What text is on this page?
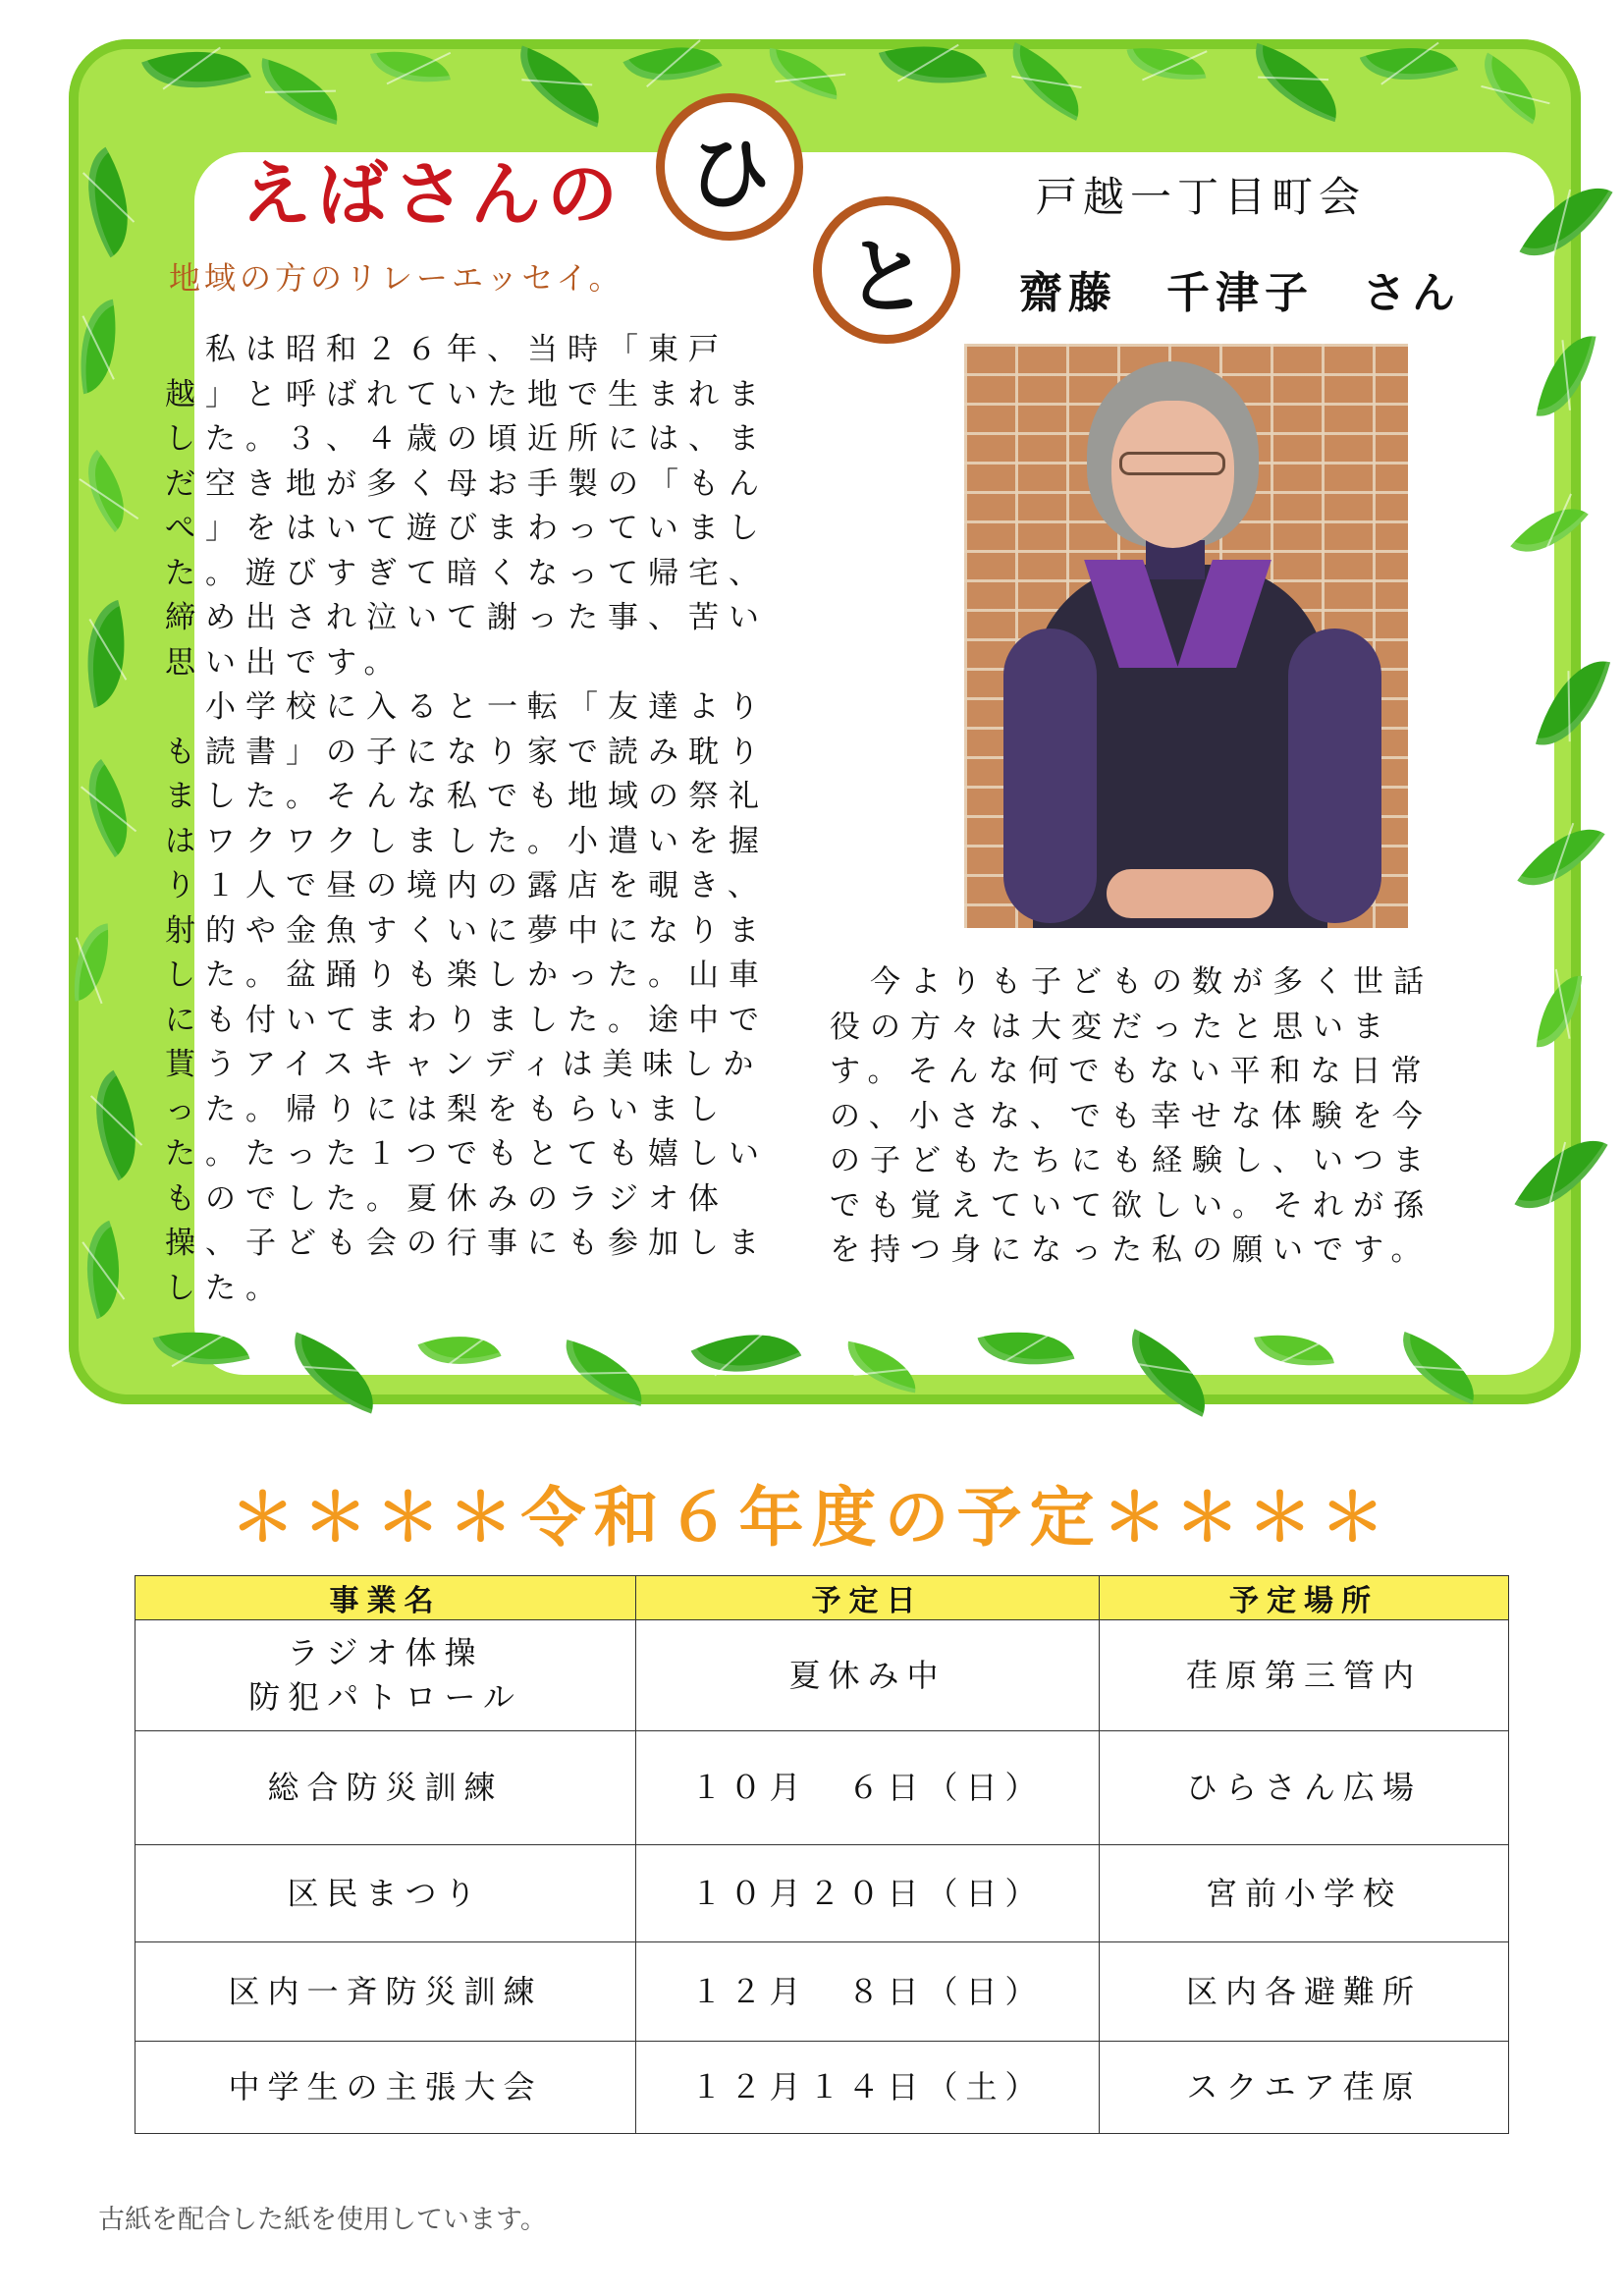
えばさんの ひ
と
地域の方のリレーエッセイ。
戸越一丁目町会
齋藤　千津子　さん

私は昭和２６年、当時「東戸越」と呼ばれていた地で生まれました。３、４歳の頃近所には、まだ空き地が多く母お手製の「もんぺ」をはいて遊びまわっていました。遊びすぎて暗くなって帰宅、締め出され泣いて謝った事、苦い思い出です。

小学校に入ると一転「友達よりも読書」の子になり家で読み耽りました。そんな私でも地域の祭礼はワクワクしました。小遣いを握り１人で昼の境内の露店を覗き、射的や金魚すくいに夢中になりました。盆踊りも楽しかった。山車にも付いてまわりました。途中で貰うアイスキャンディは美味しかった。帰りには梨をもらいました。たった１つでもとても嬉しいものでした。夏休みのラジオ体操、子ども会の行事にも参加しました。

今よりも子どもの数が多く世話役の方々は大変だったと思います。そんな何でもない平和な日常の、小さな、でも幸せな体験を今の子どもたちにも経験し、いつまでも覚えていて欲しい。それが孫を持つ身になった私の願いです。

＊＊＊＊令和６年度の予定＊＊＊＊
事業名	予定日	予定場所

ラジオ体操
防犯パトロール	夏休み中	荏原第三管内
総合防災訓練	１０月　６日（日）	ひらさん広場
区民まつり	１０月２０日（日）	宮前小学校
区内一斉防災訓練	１２月　８日（日）	区内各避難所
中学生の主張大会	１２月１４日（土）	スクエア荏原
古紙を配合した紙を使用しています。
